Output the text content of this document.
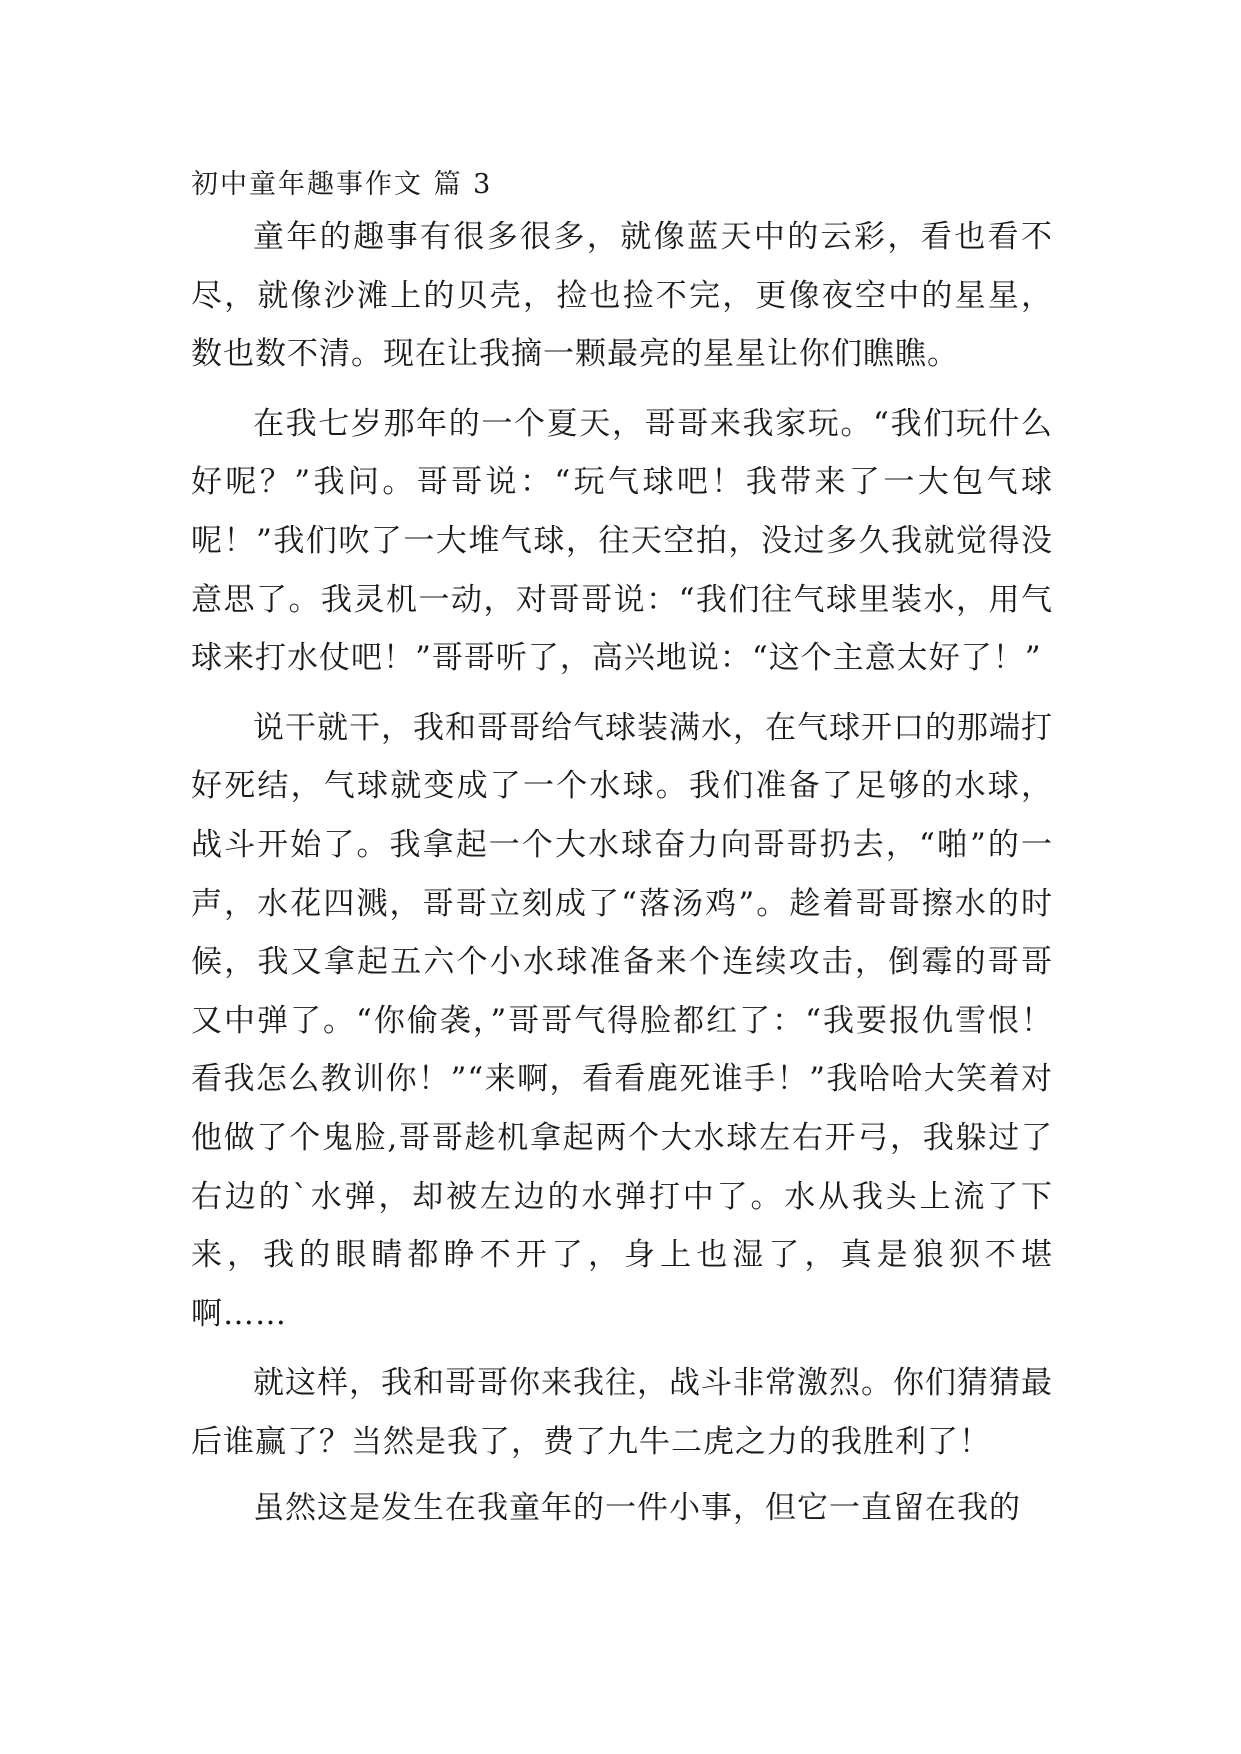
初中童年趣事作文 篇 3

童年的趣事有很多很多，就像蓝天中的云彩，看也看不尽，就像沙滩上的贝壳，捡也捡不完，更像夜空中的星星，数也数不清。现在让我摘一颗最亮的星星让你们瞧瞧。

在我七岁那年的一个夏天，哥哥来我家玩。“我们玩什么好呢？”我问。哥哥说：“玩气球吧！我带来了一大包气球呢！”我们吹了一大堆气球，往天空拍，没过多久我就觉得没意思了。我灵机一动，对哥哥说：“我们往气球里装水，用气球来打水仗吧！”哥哥听了，高兴地说：“这个主意太好了！”

说干就干，我和哥哥给气球装满水，在气球开口的那端打好死结，气球就变成了一个水球。我们准备了足够的水球，战斗开始了。我拿起一个大水球奋力向哥哥扔去，“啪”的一声，水花四溅，哥哥立刻成了“落汤鸡”。趁着哥哥擦水的时候，我又拿起五六个小水球准备来个连续攻击，倒霉的哥哥又中弹了。“你偷袭，”哥哥气得脸都红了：“我要报仇雪恨！看我怎么教训你！”“来啊，看看鹿死谁手！”我哈哈大笑着对他做了个鬼脸,哥哥趁机拿起两个大水球左右开弓，我躲过了右边的`水弹，却被左边的水弹打中了。水从我头上流了下来，我的眼睛都睁不开了，身上也湿了，真是狼狈不堪啊……

就这样，我和哥哥你来我往，战斗非常激烈。你们猜猜最后谁赢了？当然是我了，费了九牛二虎之力的我胜利了！

虽然这是发生在我童年的一件小事，但它一直留在我的
